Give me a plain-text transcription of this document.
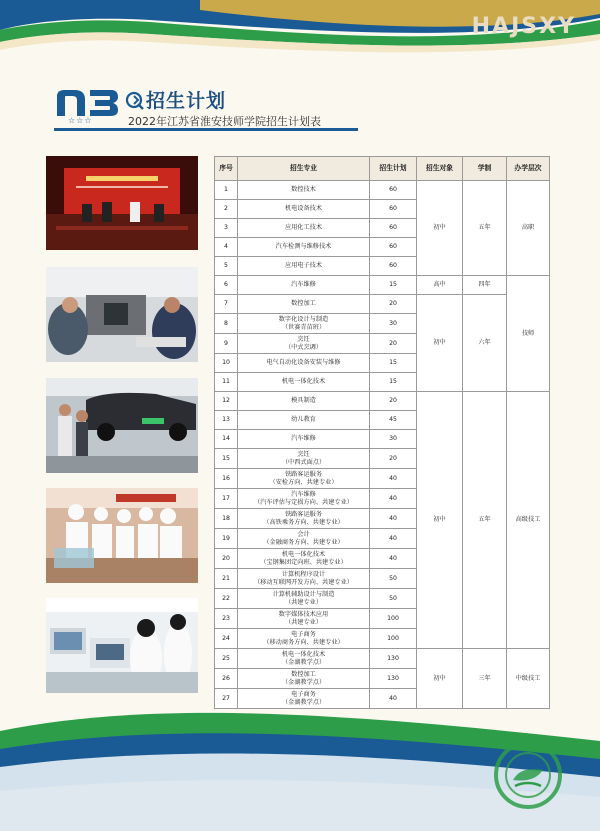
HAJSXY
☆☆☆
招生计划
2022年江苏省淮安技师学院招生计划表
序号	招生专业	招生计划	招生对象	学制	办学层次
1	数控技术	60	初中	五年	高职
2	机电设备技术	60			
3	应用化工技术	60			
4	汽车检测与维修技术	60			
5	应用电子技术	60			
6	汽车维修	15	高中	四年	技师
7	数控加工	20	初中	六年	
8	数字化设计与制造
（世赛青苗班）	30			
9	烹饪
（中式烹调）	20			
10	电气自动化设备安装与维修	15			
11	机电一体化技术	15			
12	模具制造	20	初中	五年	高级技工
13	幼儿教育	45			
14	汽车维修	30			
15	烹饪
（中西式面点）	20			
16	铁路客运服务
（安检方向、共建专业）	40			
17	汽车维修
（汽车评估与定损方向、共建专业）	40			
18	铁路客运服务
（高铁乘务方向、共建专业）	40			
19	会计
（金融商务方向、共建专业）	40			
20	机电一体化技术
（宝钢集团定向班、共建专业）	40			
21	计算机程序设计
（移动互联网开发方向、共建专业）	50			
22	计算机辅助设计与制造
（共建专业）	50			
23	数字媒体技术应用
（共建专业）	100			
24	电子商务
（移动商务方向、共建专业）	100			
25	机电一体化技术
（金湖教学点）	130	初中	三年	中级技工
26	数控加工
（金湖教学点）	130			
27	电子商务
（金湖教学点）	40			
